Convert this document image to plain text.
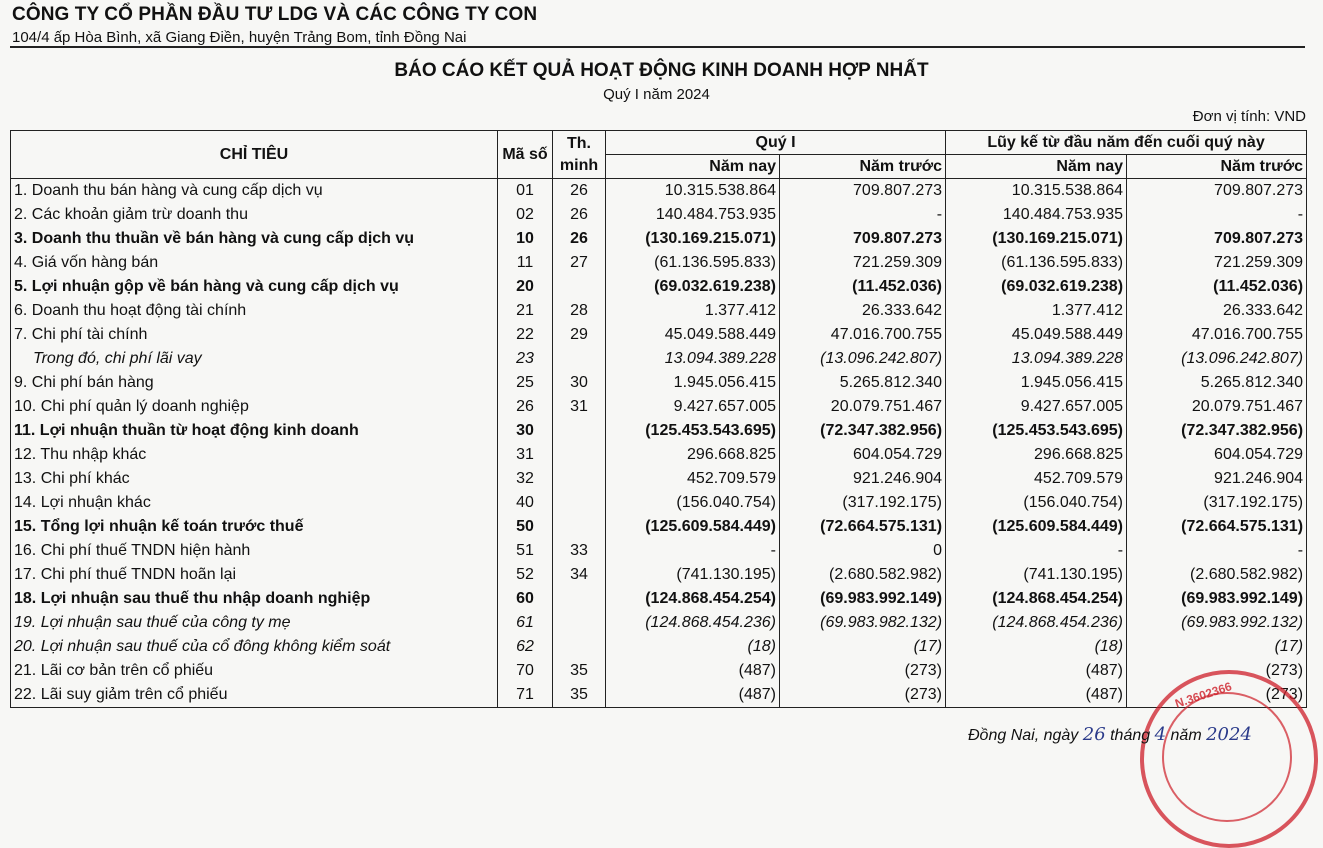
CÔNG TY CỔ PHẦN ĐẦU TƯ LDG VÀ CÁC CÔNG TY CON
104/4 ấp Hòa Bình, xã Giang Điền, huyện Trảng Bom, tỉnh Đồng Nai
BÁO CÁO KẾT QUẢ HOẠT ĐỘNG KINH DOANH HỢP NHẤT
Quý I năm 2024
Đơn vị tính: VND
CHỈ TIÊU	Mã số	Th. minh	Quý I		Lũy kế từ đầu năm đến cuối quý này	
			Năm nay	Năm trước	Năm nay	Năm trước
1. Doanh thu bán hàng và cung cấp dịch vụ	01	26	10.315.538.864	709.807.273	10.315.538.864	709.807.273
2. Các khoản giảm trừ doanh thu	02	26	140.484.753.935	-	140.484.753.935	-
3. Doanh thu thuần về bán hàng và cung cấp dịch vụ	10	26	(130.169.215.071)	709.807.273	(130.169.215.071)	709.807.273
4. Giá vốn hàng bán	11	27	(61.136.595.833)	721.259.309	(61.136.595.833)	721.259.309
5. Lợi nhuận gộp về bán hàng và cung cấp dịch vụ	20		(69.032.619.238)	(11.452.036)	(69.032.619.238)	(11.452.036)
6. Doanh thu hoạt động tài chính	21	28	1.377.412	26.333.642	1.377.412	26.333.642
7. Chi phí tài chính	22	29	45.049.588.449	47.016.700.755	45.049.588.449	47.016.700.755
Trong đó, chi phí lãi vay	23		13.094.389.228	(13.096.242.807)	13.094.389.228	(13.096.242.807)
9. Chi phí bán hàng	25	30	1.945.056.415	5.265.812.340	1.945.056.415	5.265.812.340
10. Chi phí quản lý doanh nghiệp	26	31	9.427.657.005	20.079.751.467	9.427.657.005	20.079.751.467
11. Lợi nhuận thuần từ hoạt động kinh doanh	30		(125.453.543.695)	(72.347.382.956)	(125.453.543.695)	(72.347.382.956)
12. Thu nhập khác	31		296.668.825	604.054.729	296.668.825	604.054.729
13. Chi phí khác	32		452.709.579	921.246.904	452.709.579	921.246.904
14. Lợi nhuận khác	40		(156.040.754)	(317.192.175)	(156.040.754)	(317.192.175)
15. Tổng lợi nhuận kế toán trước thuế	50		(125.609.584.449)	(72.664.575.131)	(125.609.584.449)	(72.664.575.131)
16. Chi phí thuế TNDN hiện hành	51	33	-	0	-	-
17. Chi phí thuế TNDN hoãn lại	52	34	(741.130.195)	(2.680.582.982)	(741.130.195)	(2.680.582.982)
18. Lợi nhuận sau thuế thu nhập doanh nghiệp	60		(124.868.454.254)	(69.983.992.149)	(124.868.454.254)	(69.983.992.149)
19. Lợi nhuận sau thuế của công ty mẹ	61		(124.868.454.236)	(69.983.982.132)	(124.868.454.236)	(69.983.992.132)
20. Lợi nhuận sau thuế của cổ đông không kiểm soát	62		(18)	(17)	(18)	(17)
21. Lãi cơ bản trên cổ phiếu	70	35	(487)	(273)	(487)	(273)
22. Lãi suy giảm trên cổ phiếu	71	35	(487)	(273)	(487)	(273)
N.3602366
Đồng Nai, ngày 26 tháng 4 năm 2024
